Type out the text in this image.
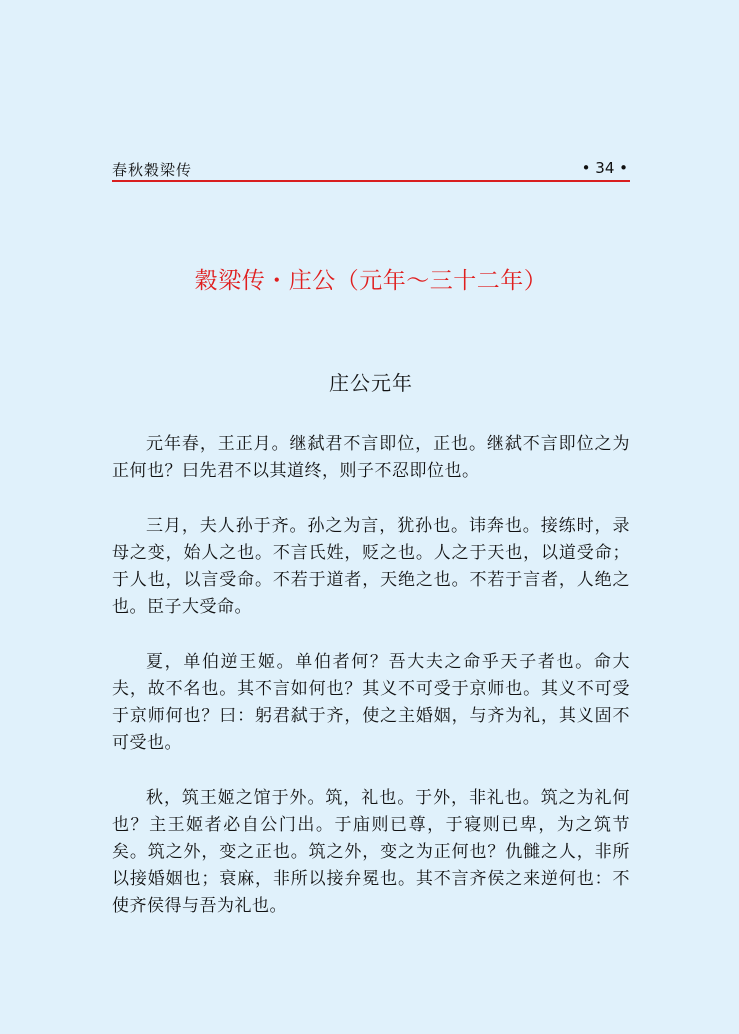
春秋穀梁传	• 34 •
穀梁传・庄公（元年～三十二年）
庄公元年

元年春，王正月。继弑君不言即位，正也。继弑不言即位之为正何也？曰先君不以其道终，则子不忍即位也。

三月，夫人孙于齐。孙之为言，犹孙也。讳奔也。接练时，录母之变，始人之也。不言氏姓，贬之也。人之于天也，以道受命；于人也，以言受命。不若于道者，天绝之也。不若于言者，人绝之也。臣子大受命。

夏，单伯逆王姬。单伯者何？吾大夫之命乎天子者也。命大夫，故不名也。其不言如何也？其义不可受于京师也。其义不可受于京师何也？曰：躬君弑于齐，使之主婚姻，与齐为礼，其义固不可受也。

秋，筑王姬之馆于外。筑，礼也。于外，非礼也。筑之为礼何也？主王姬者必自公门出。于庙则已尊，于寝则已卑，为之筑节矣。筑之外，变之正也。筑之外，变之为正何也？仇雠之人，非所以接婚姻也；衰麻，非所以接弁冕也。其不言齐侯之来逆何也：不使齐侯得与吾为礼也。
